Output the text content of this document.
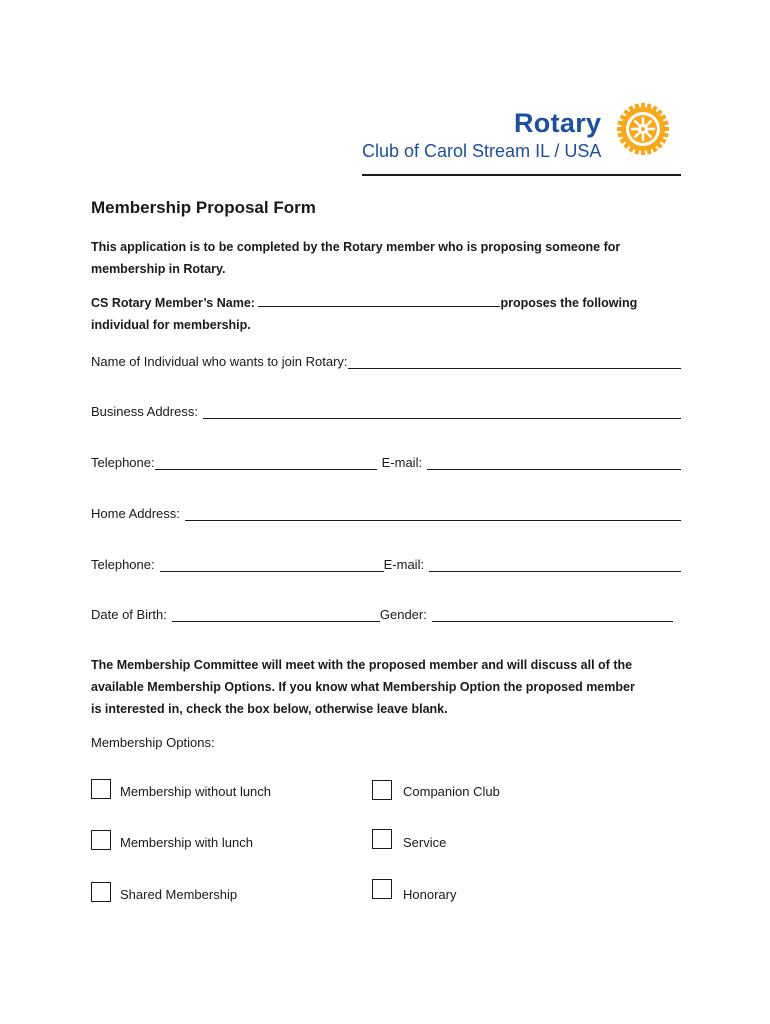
Rotary
Club of Carol Stream IL / USA
Membership Proposal Form
This application is to be completed by the Rotary member who is proposing someone for
membership in Rotary.
CS Rotary Member’s Name:	proposes the following
individual for membership.
Name of Individual who wants to join Rotary:
Business Address:
Telephone:	E-mail:
Home Address:
Telephone:	E-mail:
Date of Birth:	Gender:
The Membership Committee will meet with the proposed member and will discuss all of the
available Membership Options. If you know what Membership Option the proposed member
is interested in, check the box below, otherwise leave blank.
Membership Options:
Membership without lunch	Companion Club
Membership with lunch	Service
Shared Membership	Honorary
